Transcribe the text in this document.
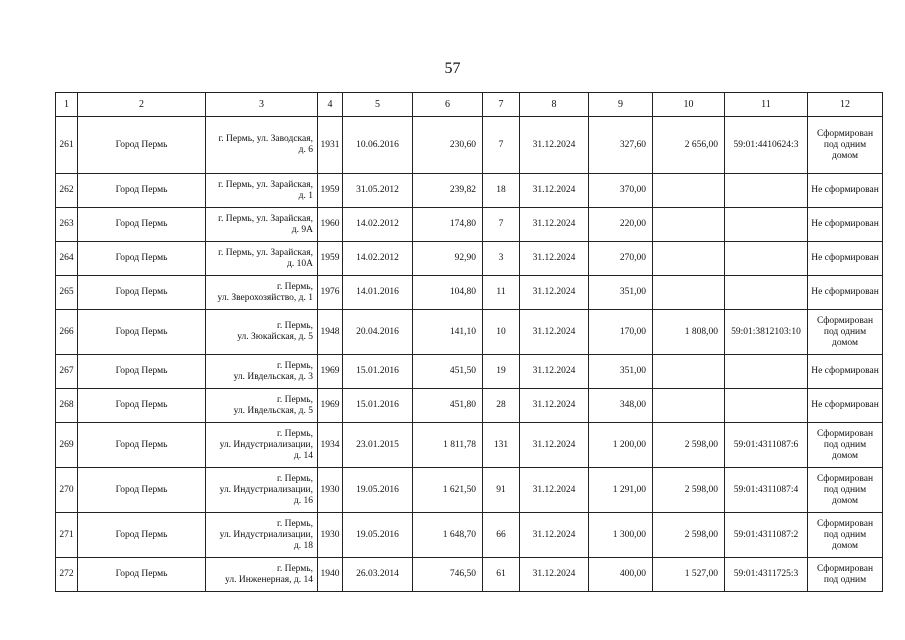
57
1	2	3	4	5	6	7	8	9	10	11	12
261	Город Пермь	г. Пермь, ул. Заводская,
д. 6	1931	10.06.2016	230,60	7	31.12.2024	327,60	2 656,00	59:01:4410624:3	Сформирован
под одним
домом
262	Город Пермь	г. Пермь, ул. Зарайская,
д. 1	1959	31.05.2012	239,82	18	31.12.2024	370,00			Не сформирован
263	Город Пермь	г. Пермь, ул. Зарайская,
д. 9А	1960	14.02.2012	174,80	7	31.12.2024	220,00			Не сформирован
264	Город Пермь	г. Пермь, ул. Зарайская,
д. 10А	1959	14.02.2012	92,90	3	31.12.2024	270,00			Не сформирован
265	Город Пермь	г. Пермь,
ул. Зверохозяйство, д. 1	1976	14.01.2016	104,80	11	31.12.2024	351,00			Не сформирован
266	Город Пермь	г. Пермь,
ул. Зюкайская, д. 5	1948	20.04.2016	141,10	10	31.12.2024	170,00	1 808,00	59:01:3812103:10	Сформирован
под одним
домом
267	Город Пермь	г. Пермь,
ул. Ивдельская, д. 3	1969	15.01.2016	451,50	19	31.12.2024	351,00			Не сформирован
268	Город Пермь	г. Пермь,
ул. Ивдельская, д. 5	1969	15.01.2016	451,80	28	31.12.2024	348,00			Не сформирован
269	Город Пермь	г. Пермь,
ул. Индустриализации,
д. 14	1934	23.01.2015	1 811,78	131	31.12.2024	1 200,00	2 598,00	59:01:4311087:6	Сформирован
под одним
домом
270	Город Пермь	г. Пермь,
ул. Индустриализации,
д. 16	1930	19.05.2016	1 621,50	91	31.12.2024	1 291,00	2 598,00	59:01:4311087:4	Сформирован
под одним
домом
271	Город Пермь	г. Пермь,
ул. Индустриализации,
д. 18	1930	19.05.2016	1 648,70	66	31.12.2024	1 300,00	2 598,00	59:01:4311087:2	Сформирован
под одним
домом
272	Город Пермь	г. Пермь,
ул. Инженерная, д. 14	1940	26.03.2014	746,50	61	31.12.2024	400,00	1 527,00	59:01:4311725:3	Сформирован
под одним
